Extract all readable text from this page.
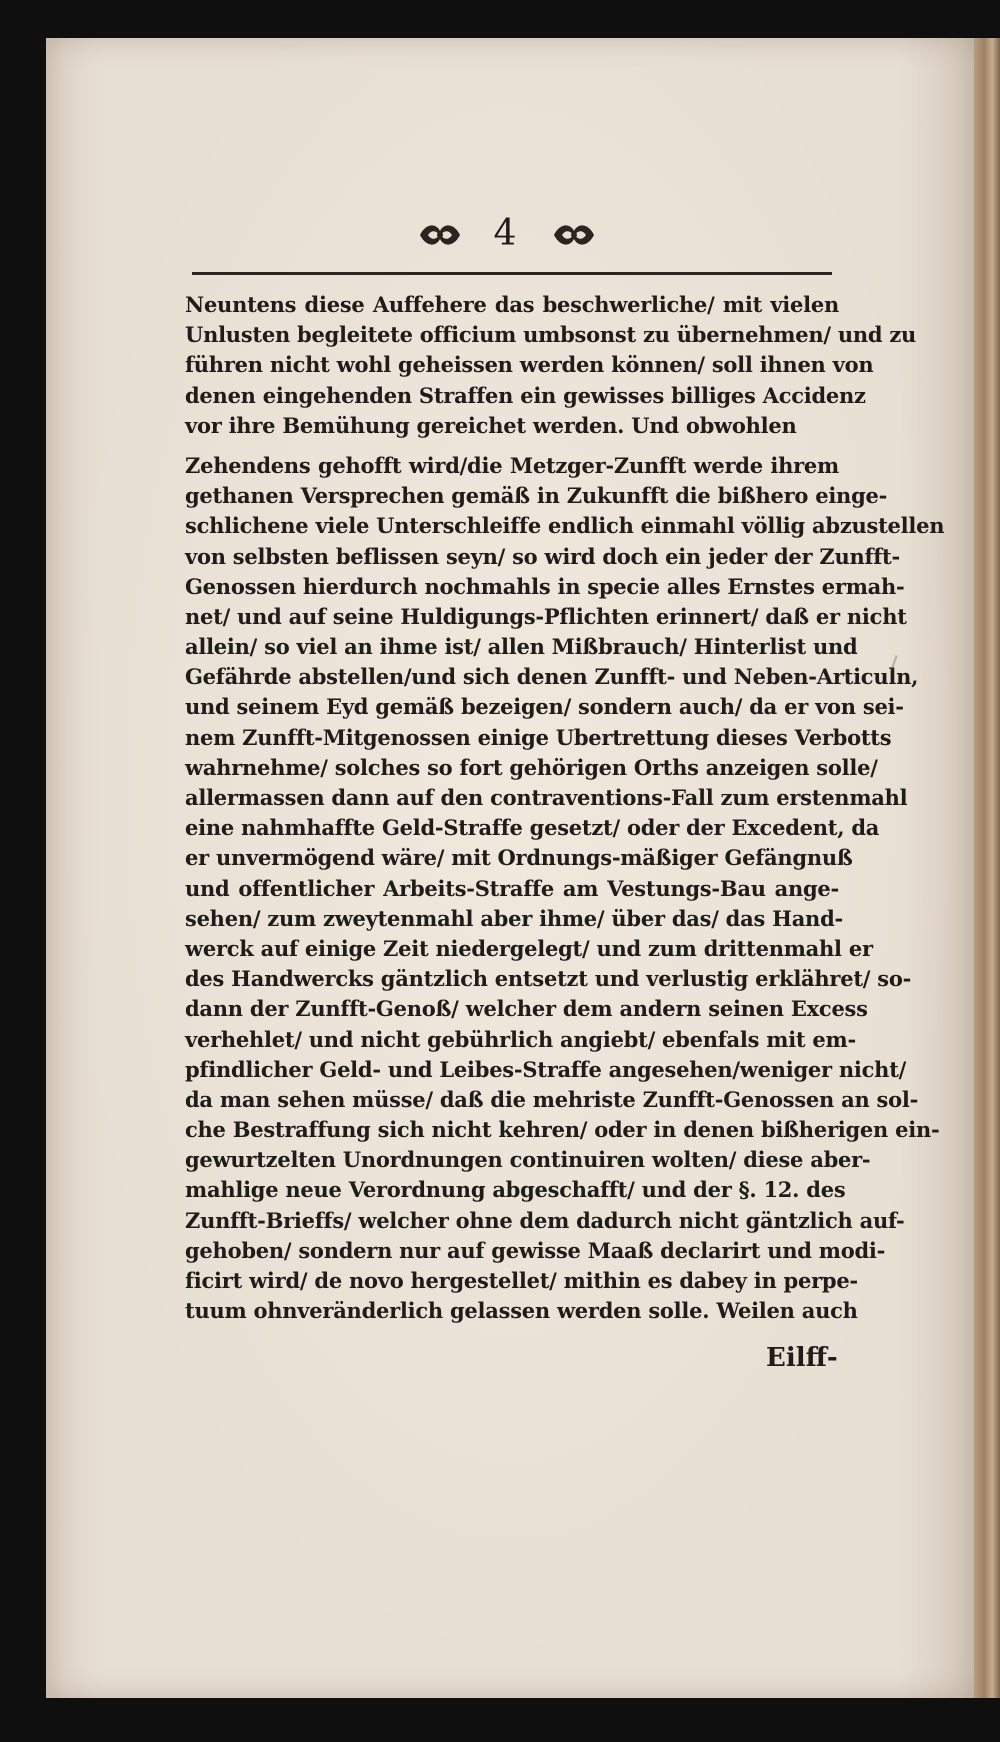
4
Neuntens diese Auffehere das beschwerliche/ mit vielen
Unlusten begleitete officium umbsonst zu übernehmen/ und zu
führen nicht wohl geheissen werden können/ soll ihnen von
denen eingehenden Straffen ein gewisses billiges Accidenz
vor ihre Bemühung gereichet werden. Und obwohlen
Zehendens gehofft wird/die Metzger-Zunfft werde ihrem
gethanen Versprechen gemäß in Zukunfft die bißhero einge-
schlichene viele Unterschleiffe endlich einmahl völlig abzustellen
von selbsten beflissen seyn/ so wird doch ein jeder der Zunfft-
Genossen hierdurch nochmahls in specie alles Ernstes ermah-
net/ und auf seine Huldigungs-Pflichten erinnert/ daß er nicht
allein/ so viel an ihme ist/ allen Mißbrauch/ Hinterlist und
Gefährde abstellen/und sich denen Zunfft- und Neben-Articuln,
und seinem Eyd gemäß bezeigen/ sondern auch/ da er von sei-
nem Zunfft-Mitgenossen einige Ubertrettung dieses Verbotts
wahrnehme/ solches so fort gehörigen Orths anzeigen solle/
allermassen dann auf den contraventions-Fall zum erstenmahl
eine nahmhaffte Geld-Straffe gesetzt/ oder der Excedent, da
er unvermögend wäre/ mit Ordnungs-mäßiger Gefängnuß
und offentlicher Arbeits-Straffe am Vestungs-Bau ange-
sehen/ zum zweytenmahl aber ihme/ über das/ das Hand-
werck auf einige Zeit niedergelegt/ und zum drittenmahl er
des Handwercks gäntzlich entsetzt und verlustig erklähret/ so-
dann der Zunfft-Genoß/ welcher dem andern seinen Excess
verhehlet/ und nicht gebührlich angiebt/ ebenfals mit em-
pfindlicher Geld- und Leibes-Straffe angesehen/weniger nicht/
da man sehen müsse/ daß die mehriste Zunfft-Genossen an sol-
che Bestraffung sich nicht kehren/ oder in denen bißherigen ein-
gewurtzelten Unordnungen continuiren wolten/ diese aber-
mahlige neue Verordnung abgeschafft/ und der §. 12. des
Zunfft-Brieffs/ welcher ohne dem dadurch nicht gäntzlich auf-
gehoben/ sondern nur auf gewisse Maaß declarirt und modi-
ficirt wird/ de novo hergestellet/ mithin es dabey in perpe-
tuum ohnveränderlich gelassen werden solle. Weilen auch
Eilff-
